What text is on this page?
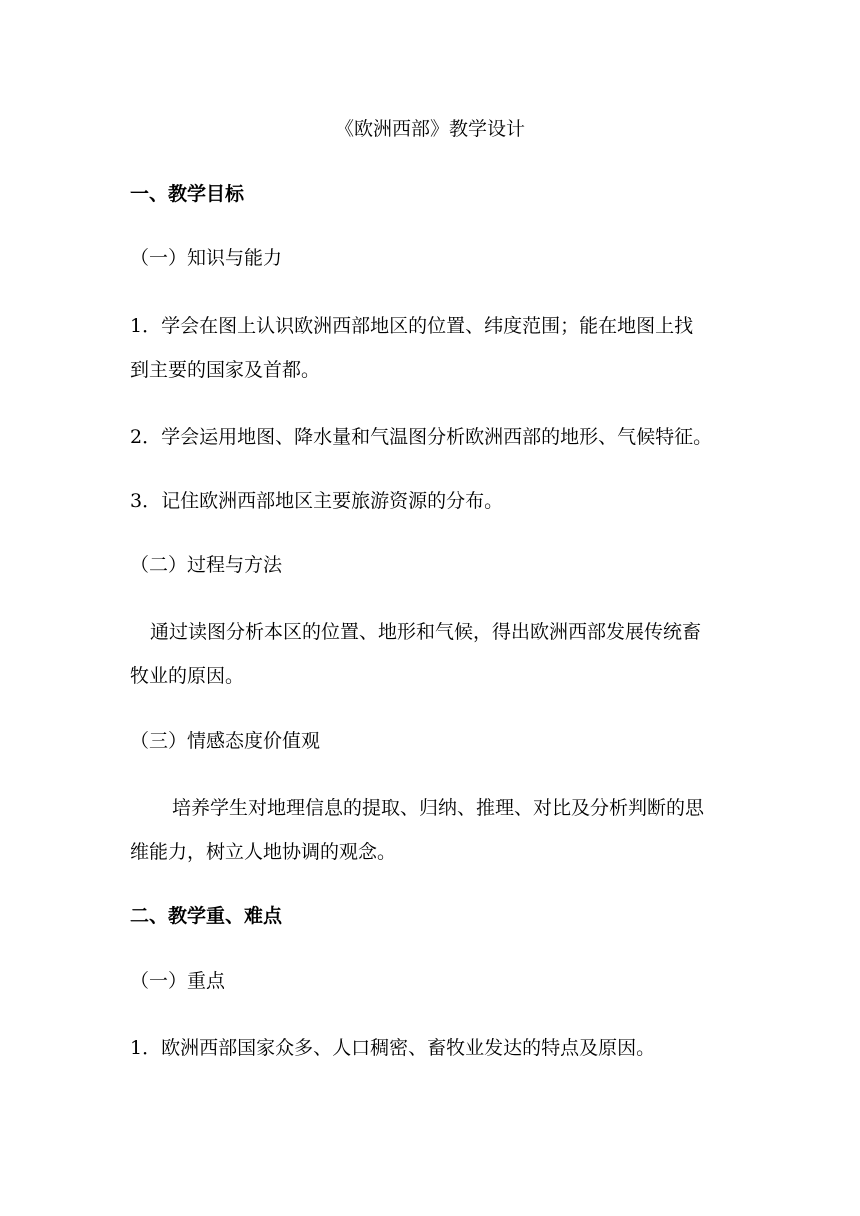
《欧洲西部》教学设计
一、教学目标
（一）知识与能力
1．学会在图上认识欧洲西部地区的位置、纬度范围；能在地图上找
到主要的国家及首都。
2．学会运用地图、降水量和气温图分析欧洲西部的地形、气候特征。
3．记住欧洲西部地区主要旅游资源的分布。
（二）过程与方法
通过读图分析本区的位置、地形和气候，得出欧洲西部发展传统畜
牧业的原因。
（三）情感态度价值观
培养学生对地理信息的提取、归纳、推理、对比及分析判断的思
维能力，树立人地协调的观念。
二、教学重、难点
（一）重点
1．欧洲西部国家众多、人口稠密、畜牧业发达的特点及原因。
